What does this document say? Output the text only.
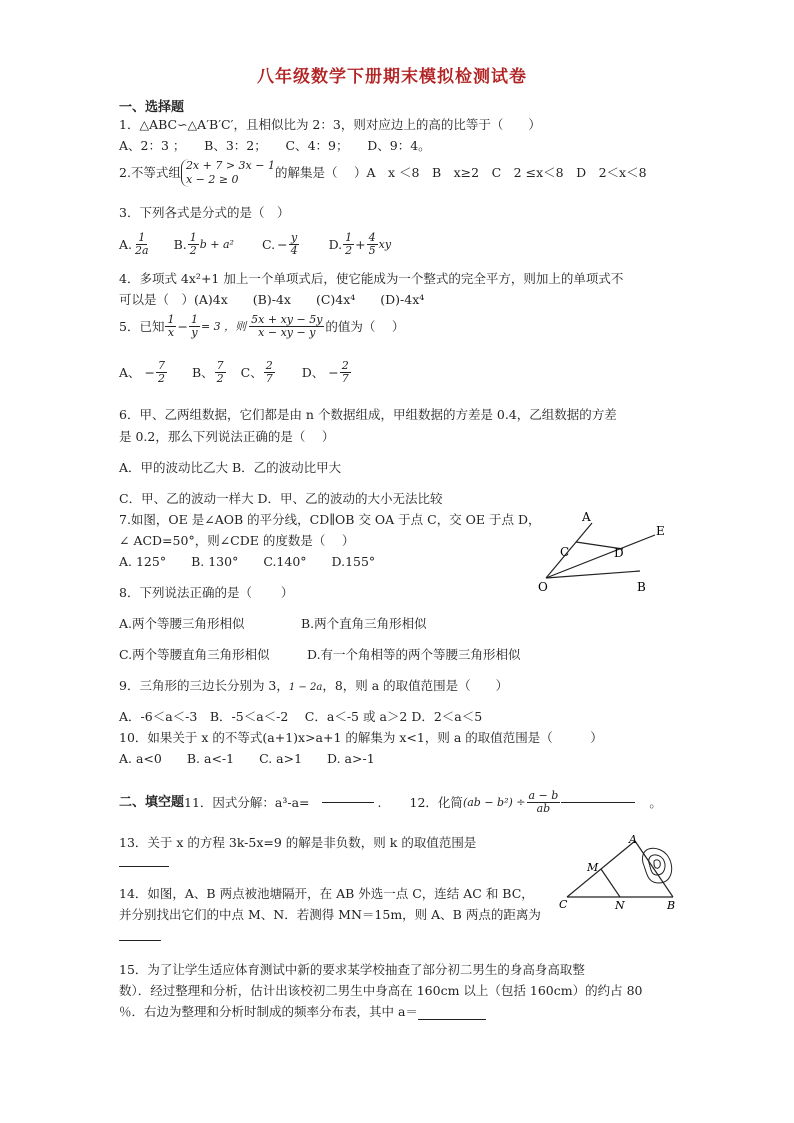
八年级数学下册期末模拟检测试卷
一、选择题
1．△ABC∽△A′B′C′，且相似比为 2：3，则对应边上的高的比等于（　　）
A、2：3 ；　　B、3：2；　　C、4：9；　　D、9：4。
2.不等式组 2x + 7 > 3x − 1
x − 2 ≥ 0	的解集是（　 ）A　x ＜8　B　x≥2　C　2 ≤x＜8　D　2＜x＜8
3．下列各式是分式的是（　）
A. $\frac{1}{2a} B$. $\frac{1}{2}$ b + a² C. − $\frac{y}{4} D$. $\frac{1}{2} + \frac{4}{5}$ xy
4．多项式 4x²+1 加上一个单项式后，使它能成为一个整式的完全平方，则加上的单项式不
可以是（　）(A)4x　　(B)-4x　　(C)4x⁴　　(D)-4x⁴
5．已知 $\frac{1}{x} - \frac{1}{y} = 3$ ，则 $\frac{5x + xy - 5y}{x - xy - y}$ 的值为（　 ）
A、 − $\frac{7}{2}$ B、 $\frac{7}{2}$ C、 $\frac{2}{7}$ D、 − $\frac{2}{7}$
6．甲、乙两组数据，它们都是由 n 个数据组成，甲组数据的方差是 0.4，乙组数据的方差
是 0.2，那么下列说法正确的是（　 ）
A．甲的波动比乙大 B．乙的波动比甲大
C．甲、乙的波动一样大 D．甲、乙的波动的大小无法比较
7.如图，OE 是∠AOB 的平分线，CD∥OB 交 OA 于点 C，交 OE 于点 D，
∠ ACD=50°，则∠CDE 的度数是（　 ）
A. 125°　　B. 130°　　C.140°　　D.155°
A
C	D
E
O	B
8．下列说法正确的是（　　 ）
A.两个等腰三角形相似	B.两个直角三角形相似
C.两个等腰直角三角形相似	D.有一个角相等的两个等腰三角形相似
9．三角形的三边长分别为 3，1 − 2a，8，则 a 的取值范围是（　　）
A．-6＜a＜-3　B．-5＜a＜-2　 C．a＜-5 或 a＞2 D．2＜a＜5
10．如果关于 x 的不等式(a+1)x>a+1 的解集为 x<1，则 a 的取值范围是（　　　）
A. a<0　　B. a<-1　　C. a>1　　D. a>-1
二、填空题 11．因式分解：a³-a=	. 12．化简 $(ab - b^2) \div \frac{a - b}{ab}$	。
13．关于 x 的方程 3k-5x=9 的解是非负数，则 k 的取值范围是
14．如图，A、B 两点被池塘隔开，在 AB 外选一点 C，连结 AC 和 BC，
并分别找出它们的中点 M、N．若测得 MN＝15m，则 A、B 两点的距离为
A
M
C	N	B
15．为了让学生适应体育测试中新的要求某学校抽查了部分初二男生的身高身高取整
数）．经过整理和分析，估计出该校初二男生中身高在 160cm 以上（包括 160cm）的约占 80
％．右边为整理和分析时制成的频率分布表，其中 a＝
